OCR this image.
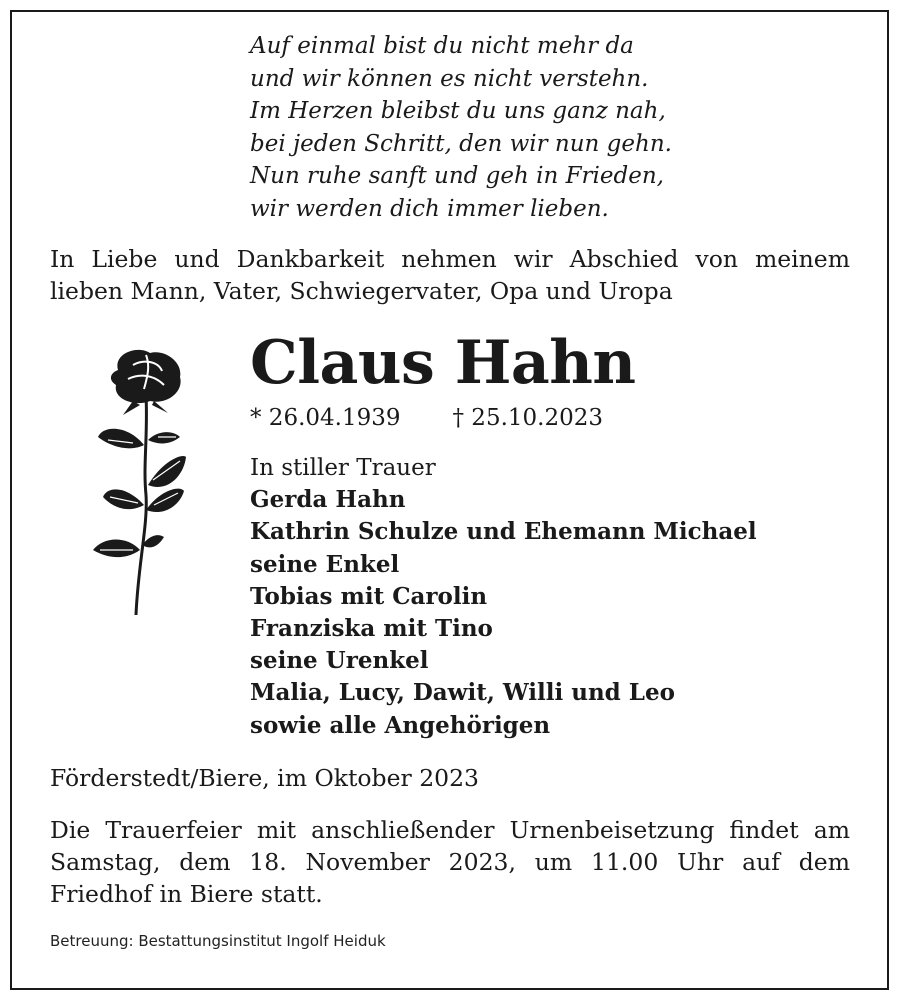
Auf einmal bist du nicht mehr da
und wir können es nicht verstehn.
Im Herzen bleibst du uns ganz nah,
bei jeden Schritt, den wir nun gehn.
Nun ruhe sanft und geh in Frieden,
wir werden dich immer lieben.
In Liebe und Dankbarkeit nehmen wir Abschied von meinem lieben Mann, Vater, Schwiegervater, Opa und Uropa
Claus Hahn
* 26.04.1939 † 25.10.2023
In stiller Trauer
Gerda Hahn
Kathrin Schulze und Ehemann Michael
seine Enkel
Tobias mit Carolin
Franziska mit Tino
seine Urenkel
Malia, Lucy, Dawit, Willi und Leo
sowie alle Angehörigen
Förderstedt/Biere, im Oktober 2023
Die Trauerfeier mit anschließender Urnenbeisetzung findet am Samstag, dem 18. November 2023, um 11.00 Uhr auf dem Friedhof in Biere statt.
Betreuung: Bestattungsinstitut Ingolf Heiduk
